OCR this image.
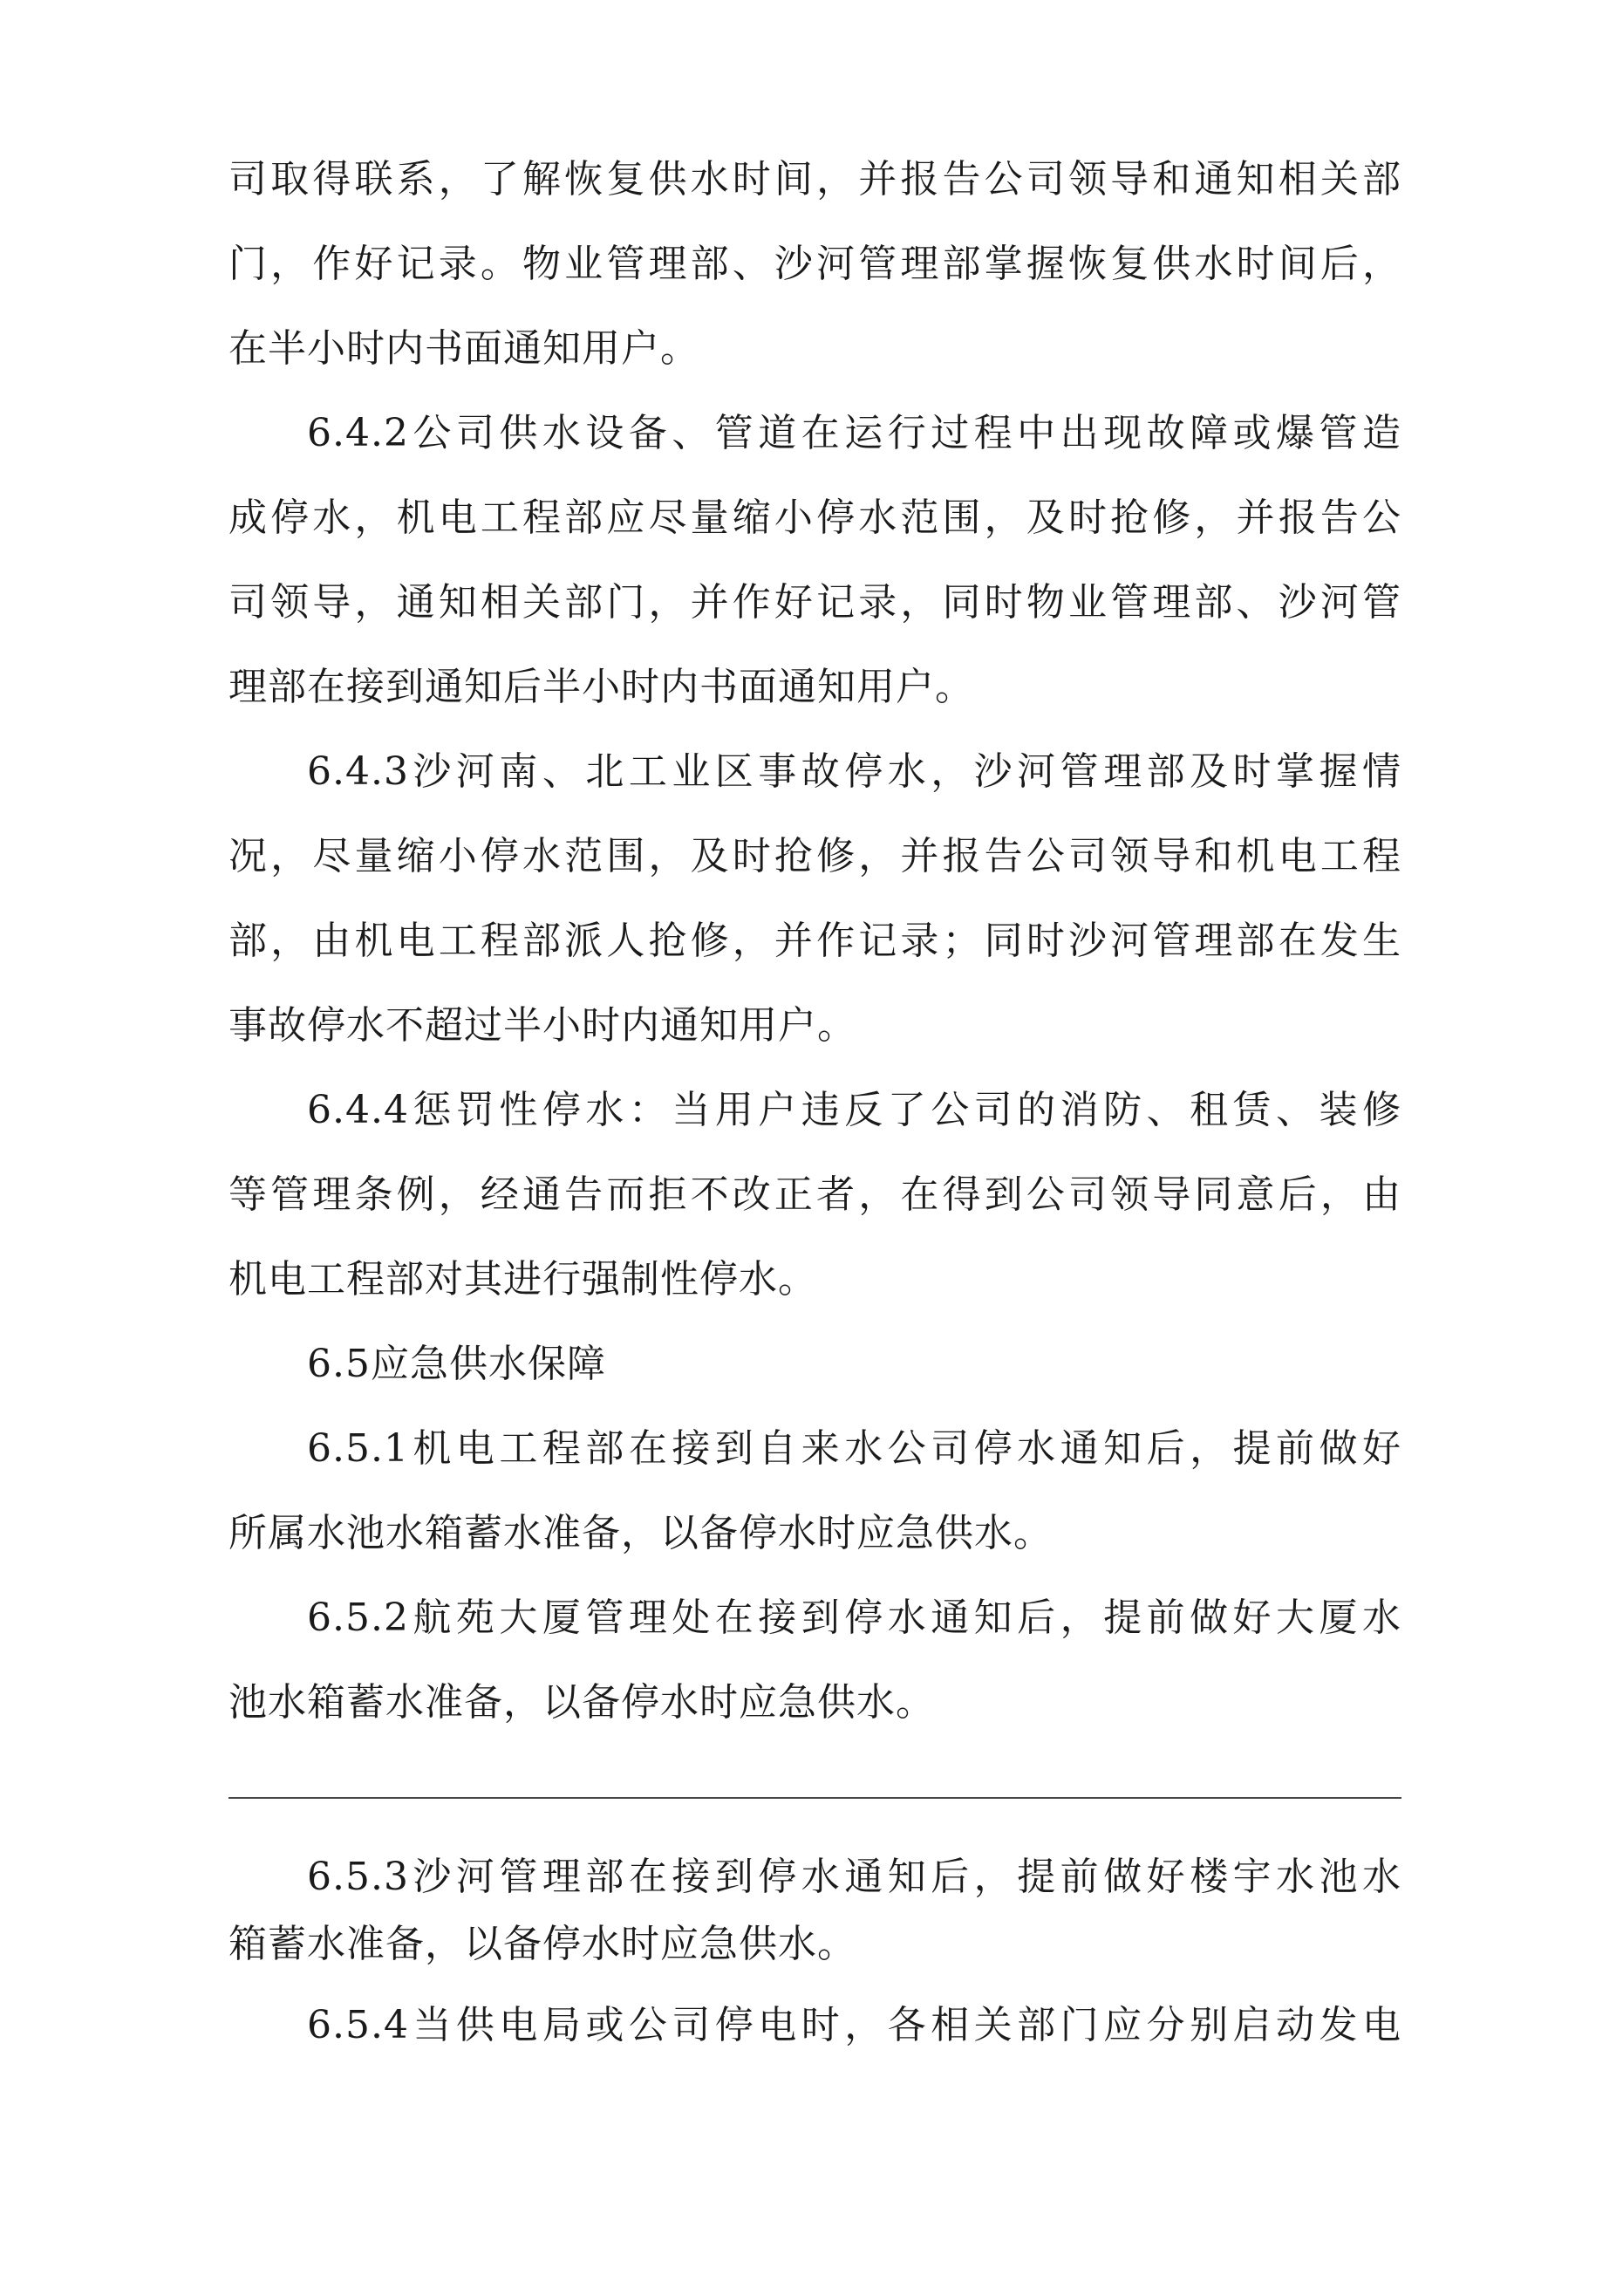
司取得联系，了解恢复供水时间，并报告公司领导和通知相关部
门，作好记录。物业管理部、沙河管理部掌握恢复供水时间后，
在半小时内书面通知用户。
6.4.2公司供水设备、管道在运行过程中出现故障或爆管造
成停水，机电工程部应尽量缩小停水范围，及时抢修，并报告公
司领导，通知相关部门，并作好记录，同时物业管理部、沙河管
理部在接到通知后半小时内书面通知用户。
6.4.3沙河南、北工业区事故停水，沙河管理部及时掌握情
况，尽量缩小停水范围，及时抢修，并报告公司领导和机电工程
部，由机电工程部派人抢修，并作记录；同时沙河管理部在发生
事故停水不超过半小时内通知用户。
6.4.4惩罚性停水：当用户违反了公司的消防、租赁、装修
等管理条例，经通告而拒不改正者，在得到公司领导同意后，由
机电工程部对其进行强制性停水。
6.5应急供水保障
6.5.1机电工程部在接到自来水公司停水通知后，提前做好
所属水池水箱蓄水准备，以备停水时应急供水。
6.5.2航苑大厦管理处在接到停水通知后，提前做好大厦水
池水箱蓄水准备，以备停水时应急供水。
6.5.3沙河管理部在接到停水通知后，提前做好楼宇水池水
箱蓄水准备，以备停水时应急供水。
6.5.4当供电局或公司停电时，各相关部门应分别启动发电
